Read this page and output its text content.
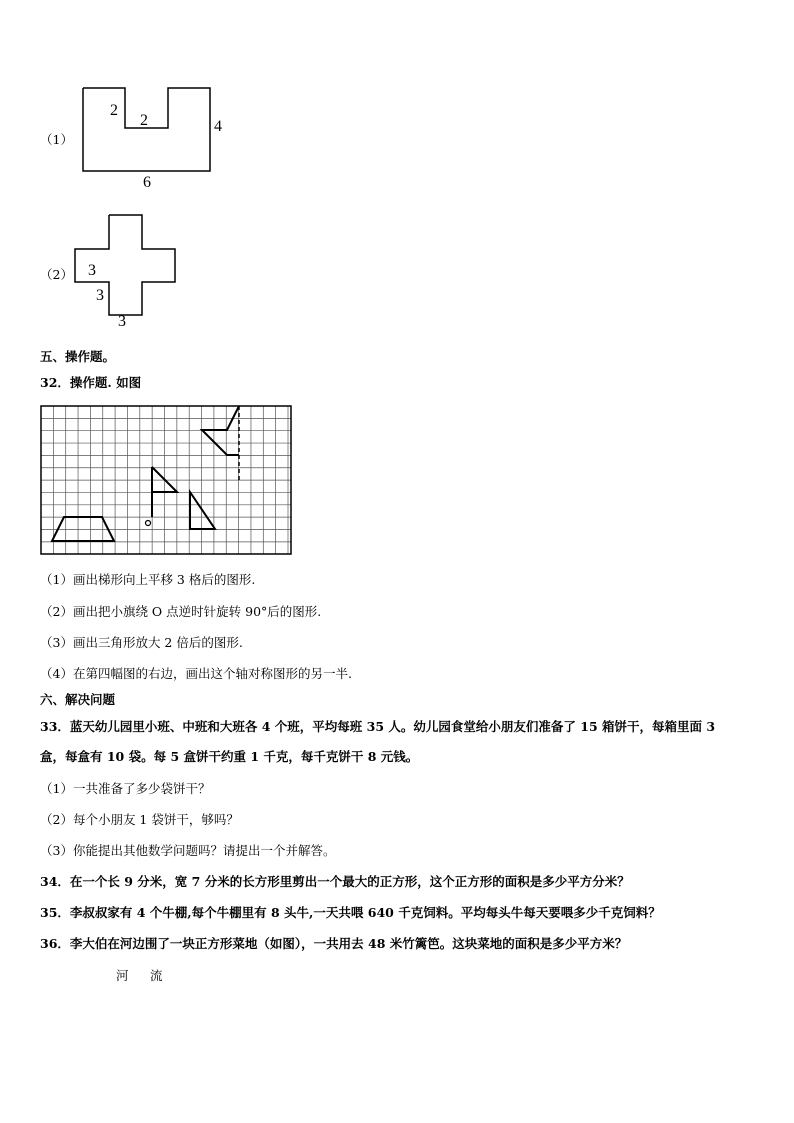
（1）
2
2	4
6
（2） 3
3
3
五、操作题。
32．操作题. 如图
（1）画出梯形向上平移 3 格后的图形.
（2）画出把小旗绕 O 点逆时针旋转 90°后的图形.
（3）画出三角形放大 2 倍后的图形.
（4）在第四幅图的右边，画出这个轴对称图形的另一半.
六、解决问题
33．蓝天幼儿园里小班、中班和大班各 4 个班，平均每班 35 人。幼儿园食堂给小朋友们准备了 15 箱饼干，每箱里面 3
盒，每盒有 10 袋。每 5 盒饼干约重 1 千克，每千克饼干 8 元钱。
（1）一共准备了多少袋饼干？
（2）每个小朋友 1 袋饼干，够吗？
（3）你能提出其他数学问题吗？请提出一个并解答。
34．在一个长 9 分米，宽 7 分米的长方形里剪出一个最大的正方形，这个正方形的面积是多少平方分米？
35．李叔叔家有 4 个牛棚,每个牛棚里有 8 头牛,一天共喂 640 千克饲料。平均每头牛每天要喂多少千克饲料？
36．李大伯在河边围了一块正方形菜地（如图），一共用去 48 米竹篱笆。这块菜地的面积是多少平方米？
河 流
